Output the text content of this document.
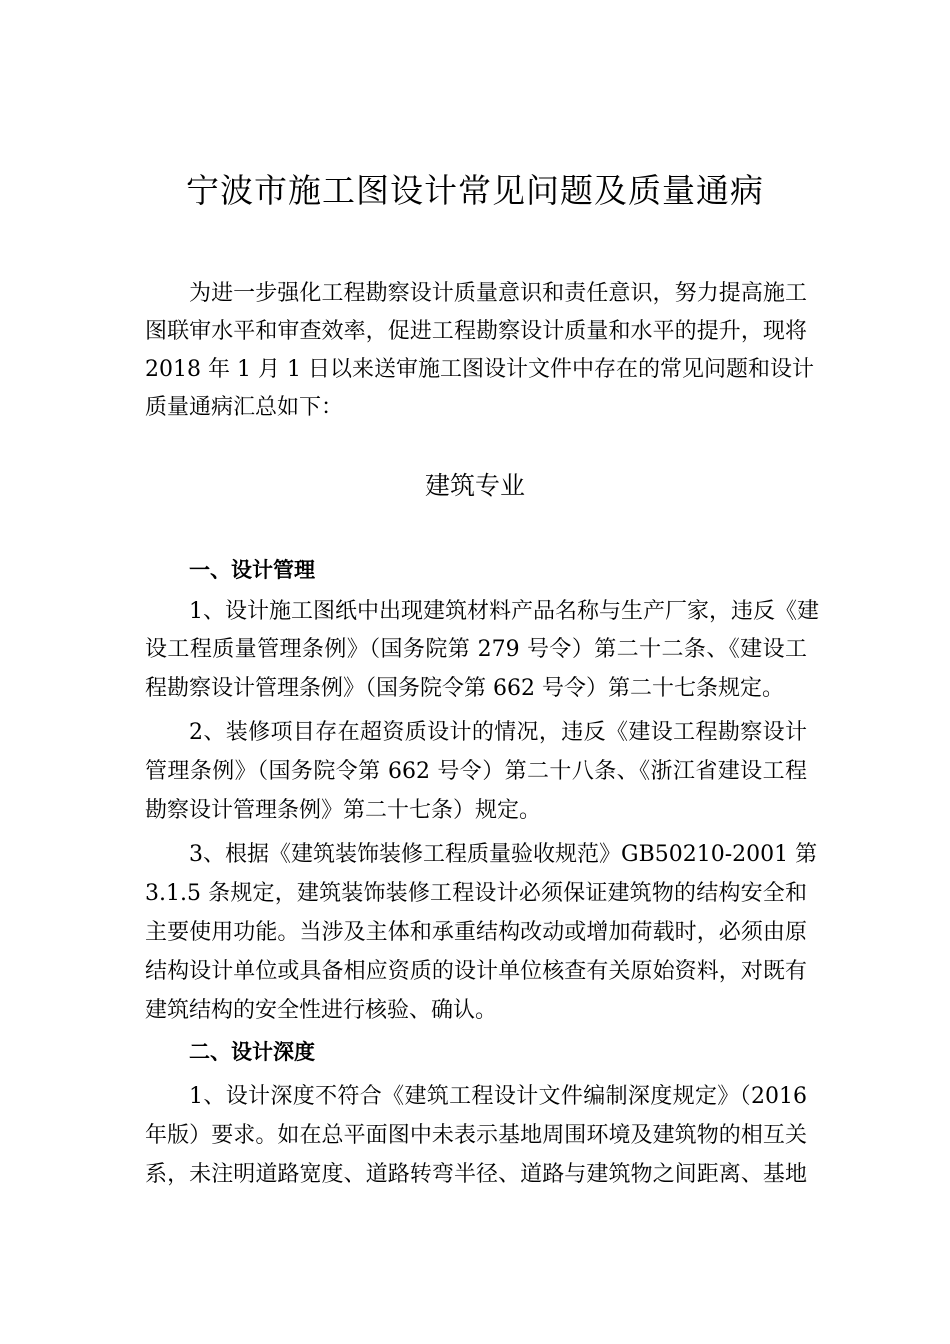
宁波市施工图设计常见问题及质量通病

为进一步强化工程勘察设计质量意识和责任意识，努力提高施工

图联审水平和审查效率，促进工程勘察设计质量和水平的提升，现将

2018 年 1 月 1 日以来送审施工图设计文件中存在的常见问题和设计

质量通病汇总如下：

建筑专业

一、设计管理

1、设计施工图纸中出现建筑材料产品名称与生产厂家，违反《建

设工程质量管理条例》（国务院第 279 号令）第二十二条、《建设工

程勘察设计管理条例》（国务院令第 662 号令）第二十七条规定。

2、装修项目存在超资质设计的情况，违反《建设工程勘察设计

管理条例》（国务院令第 662 号令）第二十八条、《浙江省建设工程

勘察设计管理条例》第二十七条）规定。

3、根据《建筑装饰装修工程质量验收规范》GB50210-2001 第

3.1.5 条规定，建筑装饰装修工程设计必须保证建筑物的结构安全和

主要使用功能。当涉及主体和承重结构改动或增加荷载时，必须由原

结构设计单位或具备相应资质的设计单位核查有关原始资料，对既有

建筑结构的安全性进行核验、确认。

二、设计深度

1、设计深度不符合《建筑工程设计文件编制深度规定》（2016

年版）要求。如在总平面图中未表示基地周围环境及建筑物的相互关

系，未注明道路宽度、道路转弯半径、道路与建筑物之间距离、基地
